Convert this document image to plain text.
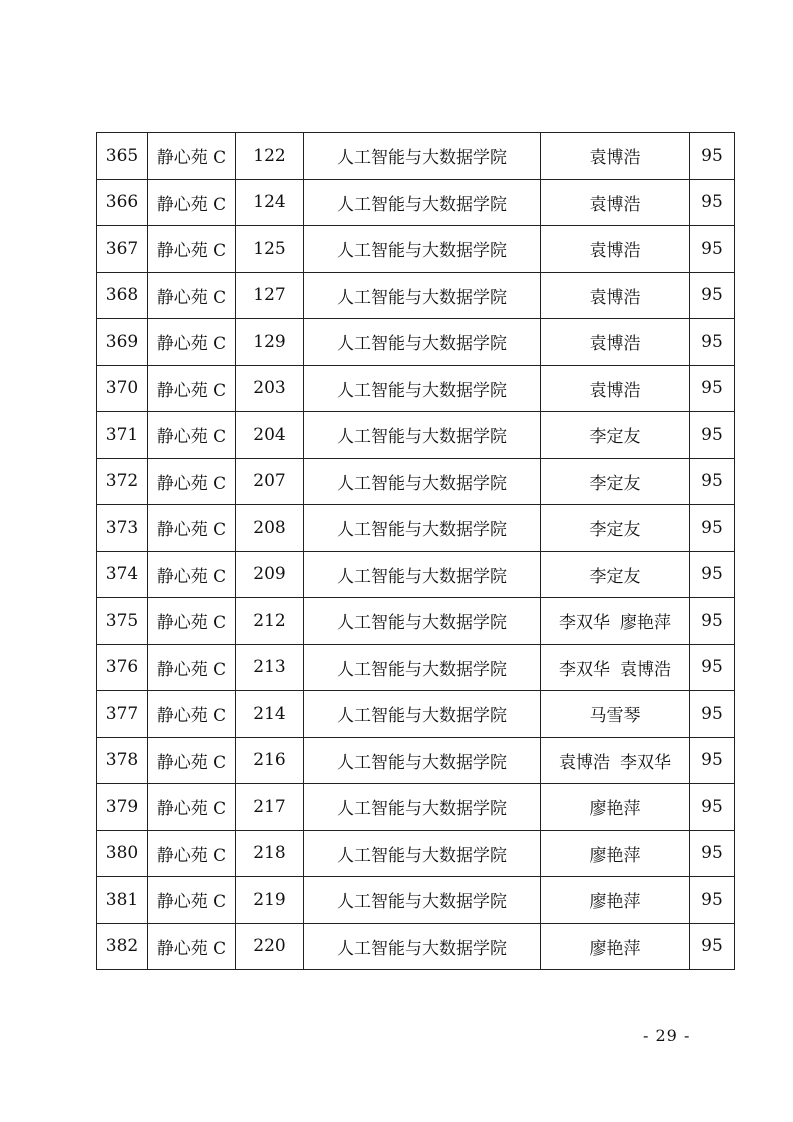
365	静心苑 C	122	人工智能与大数据学院	袁博浩	95
366	静心苑 C	124	人工智能与大数据学院	袁博浩	95
367	静心苑 C	125	人工智能与大数据学院	袁博浩	95
368	静心苑 C	127	人工智能与大数据学院	袁博浩	95
369	静心苑 C	129	人工智能与大数据学院	袁博浩	95
370	静心苑 C	203	人工智能与大数据学院	袁博浩	95
371	静心苑 C	204	人工智能与大数据学院	李定友	95
372	静心苑 C	207	人工智能与大数据学院	李定友	95
373	静心苑 C	208	人工智能与大数据学院	李定友	95
374	静心苑 C	209	人工智能与大数据学院	李定友	95
375	静心苑 C	212	人工智能与大数据学院	李双华 廖艳萍	95
376	静心苑 C	213	人工智能与大数据学院	李双华 袁博浩	95
377	静心苑 C	214	人工智能与大数据学院	马雪琴	95
378	静心苑 C	216	人工智能与大数据学院	袁博浩 李双华	95
379	静心苑 C	217	人工智能与大数据学院	廖艳萍	95
380	静心苑 C	218	人工智能与大数据学院	廖艳萍	95
381	静心苑 C	219	人工智能与大数据学院	廖艳萍	95
382	静心苑 C	220	人工智能与大数据学院	廖艳萍	95
- 29 -
